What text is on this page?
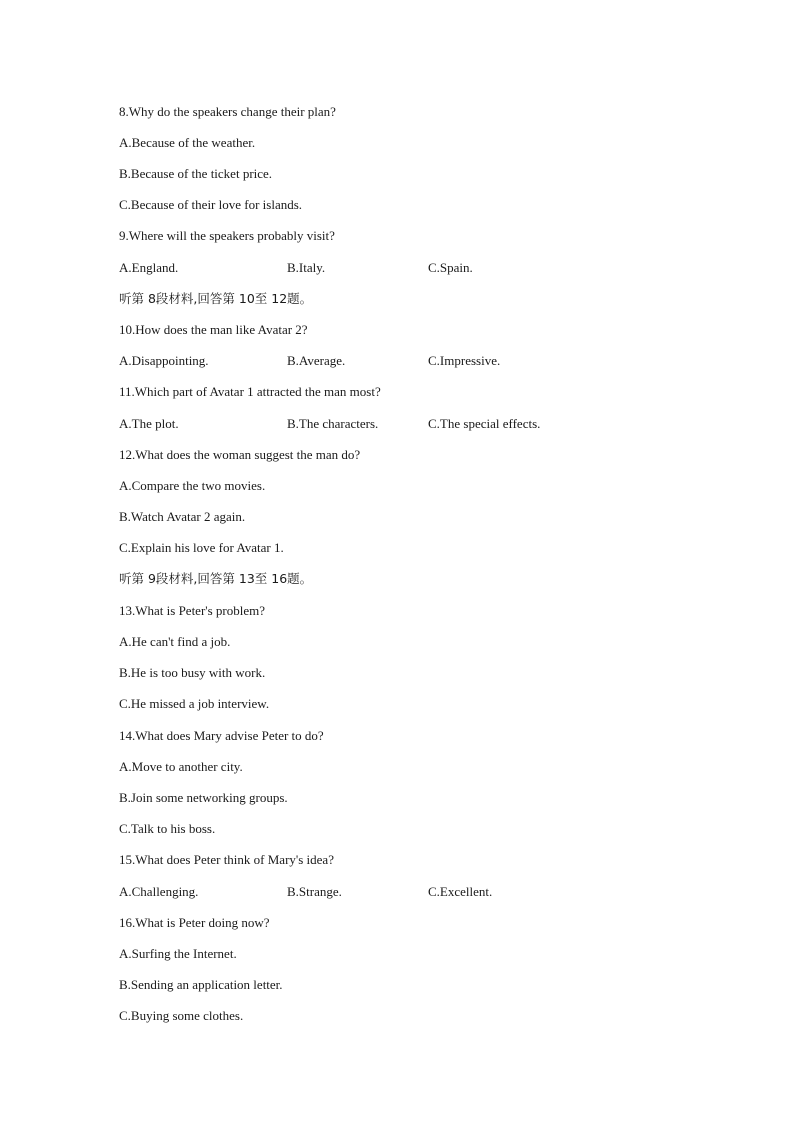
8.Why do the speakers change their plan?
A.Because of the weather.
B.Because of the ticket price.
C.Because of their love for islands.
9.Where will the speakers probably visit?
A.England.	B.Italy.	C.Spain.
听第 8段材料,回答第 10至 12题。
10.How does the man like Avatar 2?
A.Disappointing.	B.Average.	C.Impressive.
11.Which part of Avatar 1 attracted the man most?
A.The plot.	B.The characters.	C.The special effects.
12.What does the woman suggest the man do?
A.Compare the two movies.
B.Watch Avatar 2 again.
C.Explain his love for Avatar 1.
听第 9段材料,回答第 13至 16题。
13.What is Peter's problem?
A.He can't find a job.
B.He is too busy with work.
C.He missed a job interview.
14.What does Mary advise Peter to do?
A.Move to another city.
B.Join some networking groups.
C.Talk to his boss.
15.What does Peter think of Mary's idea?
A.Challenging.	B.Strange.	C.Excellent.
16.What is Peter doing now?
A.Surfing the Internet.
B.Sending an application letter.
C.Buying some clothes.
